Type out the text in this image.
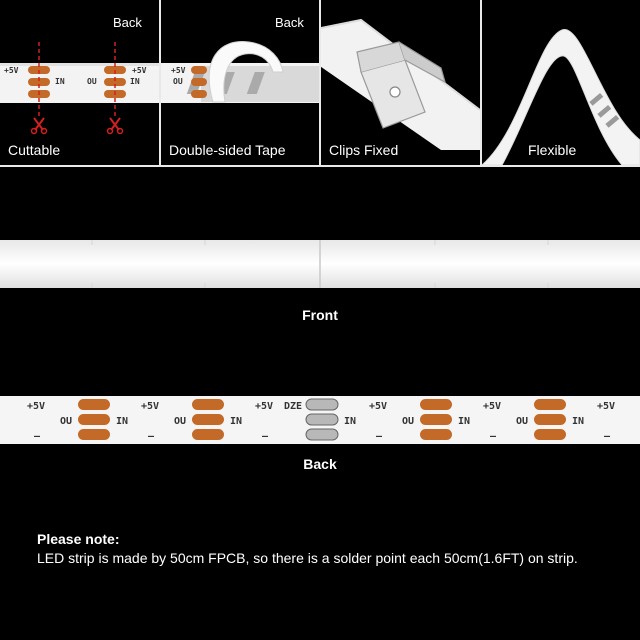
+5V
IN	OU	IN
+5V
Back
Cuttable
+5V
OU
Back
Double-sided Tape	Clips Fixed	Flexible
Front
+5V	+5V	+5V	+5V	+5V	+5V
OU	OU	OU	OU
DZE
IN	IN	IN	IN	IN
–	–	–	–	–	–
Back
Please note:
LED strip is made by 50cm FPCB, so there is a solder point each 50cm(1.6FT) on strip.
